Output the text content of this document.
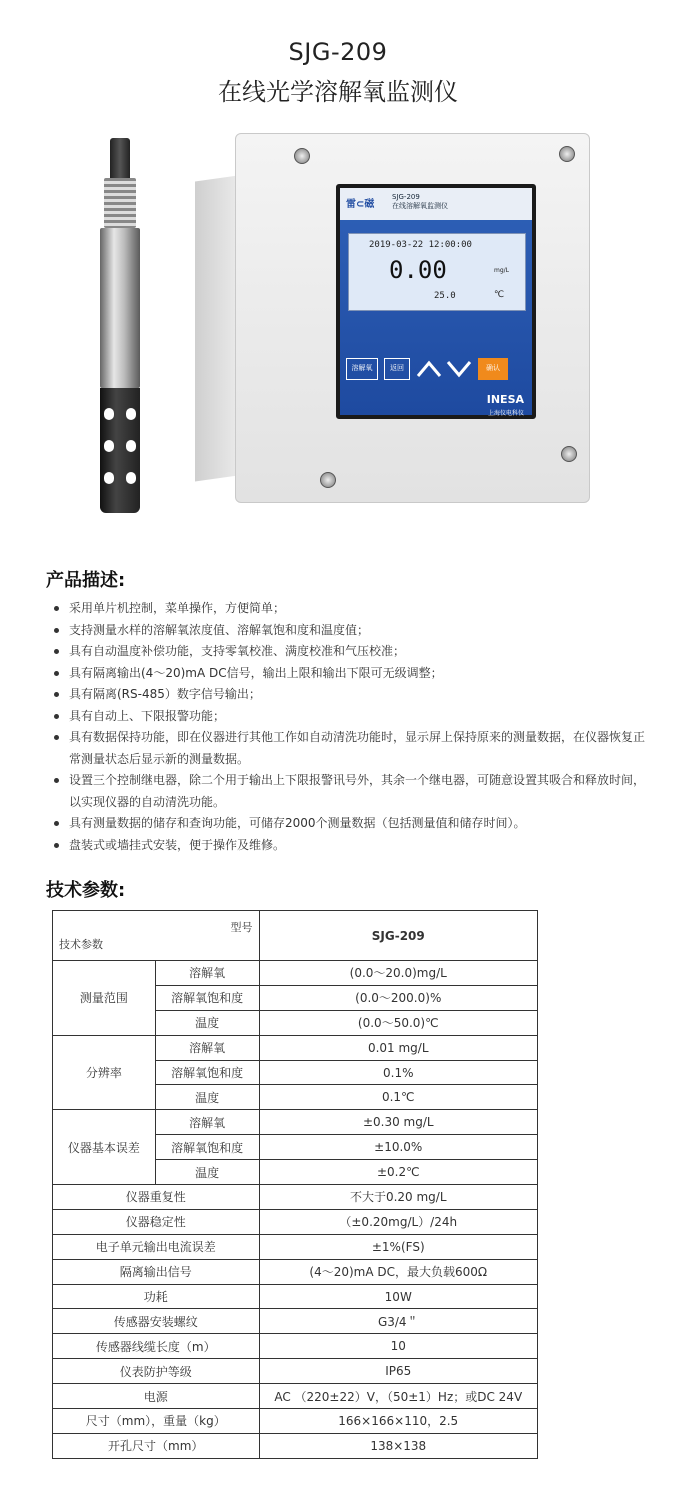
SJG-209
在线光学溶解氧监测仪
雷⊂磁
SJG-209
在线溶解氧监测仪
2019-03-22 12:00:00
0.00	mg/L
25.0	℃
溶解氧	返回	确认
INESA
上海仪电科仪
产品描述:
采用单片机控制，菜单操作，方便简单；
支持测量水样的溶解氧浓度值、溶解氧饱和度和温度值；
具有自动温度补偿功能，支持零氧校准、满度校准和气压校准；
具有隔离输出(4～20)mA DC信号，输出上限和输出下限可无级调整；
具有隔离(RS-485）数字信号输出；
具有自动上、下限报警功能；
具有数据保持功能，即在仪器进行其他工作如自动清洗功能时，显示屏上保持原来的测量数据，在仪器恢复正常测量状态后显示新的测量数据。
设置三个控制继电器，除二个用于输出上下限报警讯号外，其余一个继电器，可随意设置其吸合和释放时间，以实现仪器的自动清洗功能。
具有测量数据的储存和查询功能，可储存2000个测量数据（包括测量值和储存时间）。
盘装式或墙挂式安装，便于操作及维修。
技术参数:
型号
技术参数		SJG-209
测量范围	溶解氧	(0.0～20.0)mg/L
	溶解氧饱和度	(0.0～200.0)%
	温度	(0.0～50.0)℃
分辨率	溶解氧	0.01 mg/L
	溶解氧饱和度	0.1%
	温度	0.1℃
仪器基本误差	溶解氧	±0.30 mg/L
	溶解氧饱和度	±10.0%
	温度	±0.2℃
仪器重复性		不大于0.20 mg/L
仪器稳定性		（±0.20mg/L）/24h
电子单元输出电流误差		±1%(FS)
隔离输出信号		(4～20)mA DC，最大负载600Ω
功耗		10W
传感器安装螺纹		G3/4＂
传感器线缆长度（m）		10
仪表防护等级		IP65
电源		AC （220±22）V，（50±1）Hz；或DC 24V
尺寸（mm），重量（kg）		166×166×110，2.5
开孔尺寸（mm）		138×138
